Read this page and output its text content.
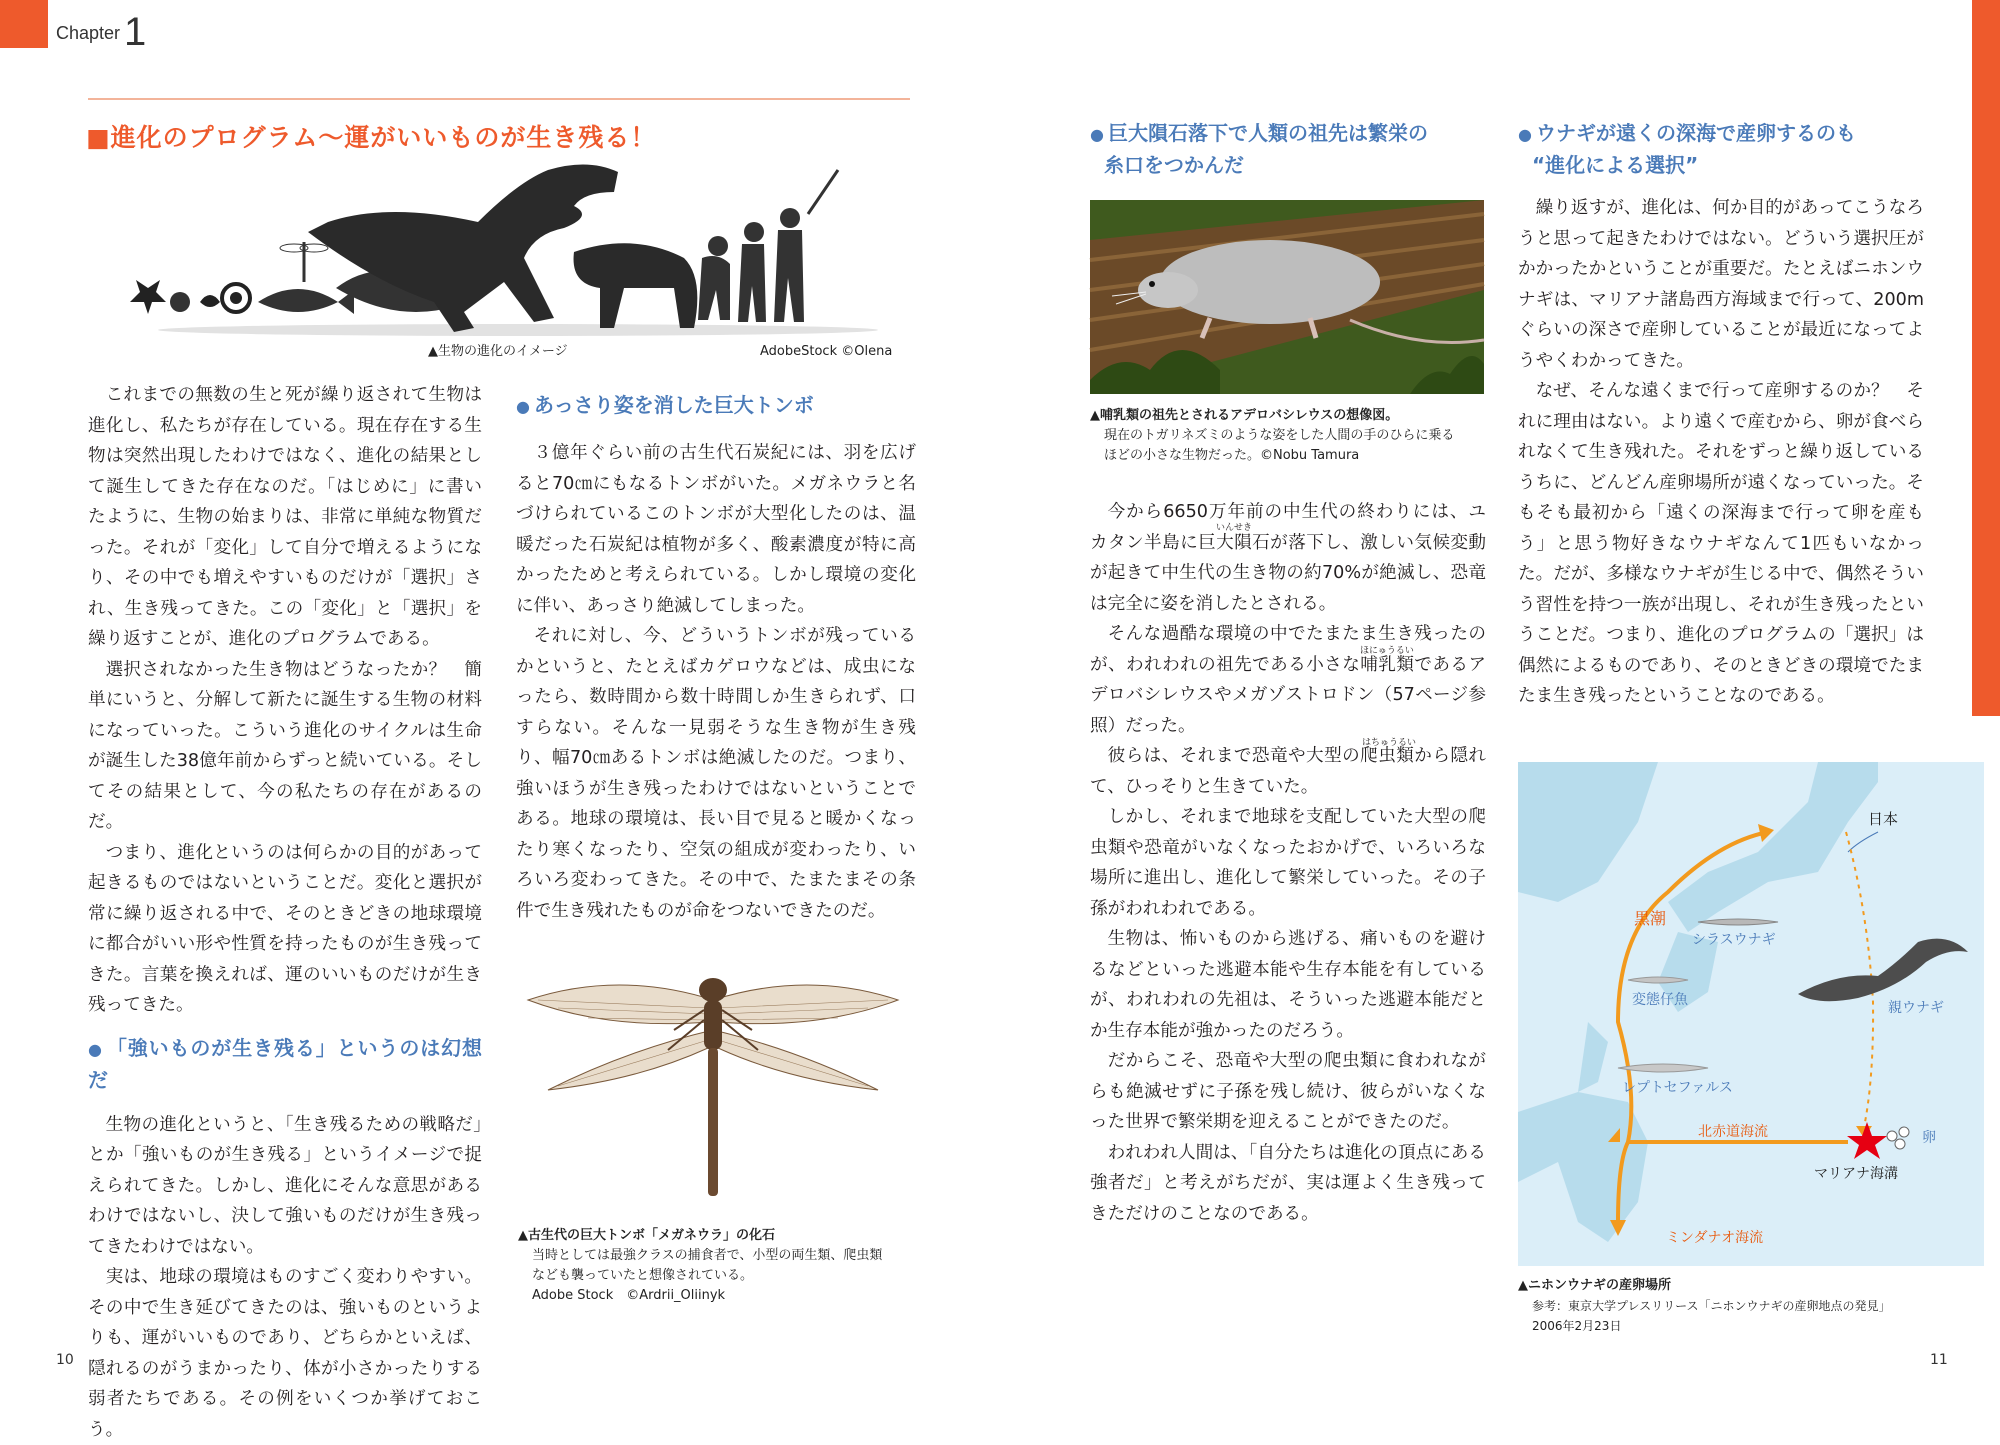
Chapter 1
■進化のプログラム～運がいいものが生き残る！
▲生物の進化のイメージ	AdobeStock ©Olena

これまでの無数の生と死が繰り返されて生物は進化し、私たちが存在している。現在存在する生物は突然出現したわけではなく、進化の結果として誕生してきた存在なのだ。「はじめに」に書いたように、生物の始まりは、非常に単純な物質だった。それが「変化」して自分で増えるようになり、その中でも増えやすいものだけが「選択」され、生き残ってきた。この「変化」と「選択」を繰り返すことが、進化のプログラムである。

選択されなかった生き物はどうなったか？　簡単にいうと、分解して新たに誕生する生物の材料になっていった。こういう進化のサイクルは生命が誕生した38億年前からずっと続いている。そしてその結果として、今の私たちの存在があるのだ。

つまり、進化というのは何らかの目的があって起きるものではないということだ。変化と選択が常に繰り返される中で、そのときどきの地球環境に都合がいい形や性質を持ったものが生き残ってきた。言葉を換えれば、運のいいものだけが生き残ってきた。

● 「強いものが生き残る」というのは幻想だ

生物の進化というと、「生き残るための戦略だ」とか「強いものが生き残る」というイメージで捉えられてきた。しかし、進化にそんな意思があるわけではないし、決して強いものだけが生き残ってきたわけではない。

実は、地球の環境はものすごく変わりやすい。その中で生き延びてきたのは、強いものというよりも、運がいいものであり、どちらかといえば、隠れるのがうまかったり、体が小さかったりする弱者たちである。その例をいくつか挙げておこう。

● あっさり姿を消した巨大トンボ

３億年ぐらい前の古生代石炭紀には、羽を広げると70㎝にもなるトンボがいた。メガネウラと名づけられているこのトンボが大型化したのは、温暖だった石炭紀は植物が多く、酸素濃度が特に高かったためと考えられている。しかし環境の変化に伴い、あっさり絶滅してしまった。

それに対し、今、どういうトンボが残っているかというと、たとえばカゲロウなどは、成虫になったら、数時間から数十時間しか生きられず、口すらない。そんな一見弱そうな生き物が生き残り、幅70㎝あるトンボは絶滅したのだ。つまり、強いほうが生き残ったわけではないということである。地球の環境は、長い目で見ると暖かくなったり寒くなったり、空気の組成が変わったり、いろいろ変わってきた。その中で、たまたまその条件で生き残れたものが命をつないできたのだ。

▲古生代の巨大トンボ「メガネウラ」の化石
当時としては最強クラスの捕食者で、小型の両生類、爬虫類
なども襲っていたと想像されている。
Adobe Stock　©Ardrii_Oliinyk
10
● 巨大隕石落下で人類の祖先は繁栄の
糸口をつかんだ
▲哺乳類の祖先とされるアデロバシレウスの想像図。
現在のトガリネズミのような姿をした人間の手のひらに乗る
ほどの小さな生物だった。©Nobu Tamura

今から6650万年前の中生代の終わりには、ユカタン半島に巨大隕石が落下し、激しい気候変動が起きて中生代の生き物の約70%が絶滅し、恐竜は完全に姿を消したとされる。

そんな過酷な環境の中でたまたま生き残ったのが、われわれの祖先である小さな哺乳類であるアデロバシレウスやメガゾストロドン（57ページ参照）だった。

彼らは、それまで恐竜や大型の爬虫類から隠れて、ひっそりと生きていた。

しかし、それまで地球を支配していた大型の爬虫類や恐竜がいなくなったおかげで、いろいろな場所に進出し、進化して繁栄していった。その子孫がわれわれである。

生物は、怖いものから逃げる、痛いものを避けるなどといった逃避本能や生存本能を有しているが、われわれの先祖は、そういった逃避本能だとか生存本能が強かったのだろう。

だからこそ、恐竜や大型の爬虫類に食われながらも絶滅せずに子孫を残し続け、彼らがいなくなった世界で繁栄期を迎えることができたのだ。

われわれ人間は、「自分たちは進化の頂点にある強者だ」と考えがちだが、実は運よく生き残ってきただけのことなのである。

いんせき
ほにゅうるい
はちゅうるい
● ウナギが遠くの深海で産卵するのも
“進化による選択”

繰り返すが、進化は、何か目的があってこうなろうと思って起きたわけではない。どういう選択圧がかかったかということが重要だ。たとえばニホンウナギは、マリアナ諸島西方海域まで行って、200mぐらいの深さで産卵していることが最近になってようやくわかってきた。

なぜ、そんな遠くまで行って産卵するのか？　それに理由はない。より遠くで産むから、卵が食べられなくて生き残れた。それをずっと繰り返しているうちに、どんどん産卵場所が遠くなっていった。そもそも最初から「遠くの深海まで行って卵を産もう」と思う物好きなウナギなんて1匹もいなかった。だが、多様なウナギが生じる中で、偶然そういう習性を持つ一族が出現し、それが生き残ったということだ。つまり、進化のプログラムの「選択」は偶然によるものであり、そのときどきの環境でたまたま生き残ったということなのである。

日本
黒潮
シラスウナギ
変態仔魚	親ウナギ
レプトセファルス
北赤道海流	卵
マリアナ海溝
ミンダナオ海流
▲ニホンウナギの産卵場所
参考：東京大学プレスリリース「ニホンウナギの産卵地点の発見」
2006年2月23日
11
